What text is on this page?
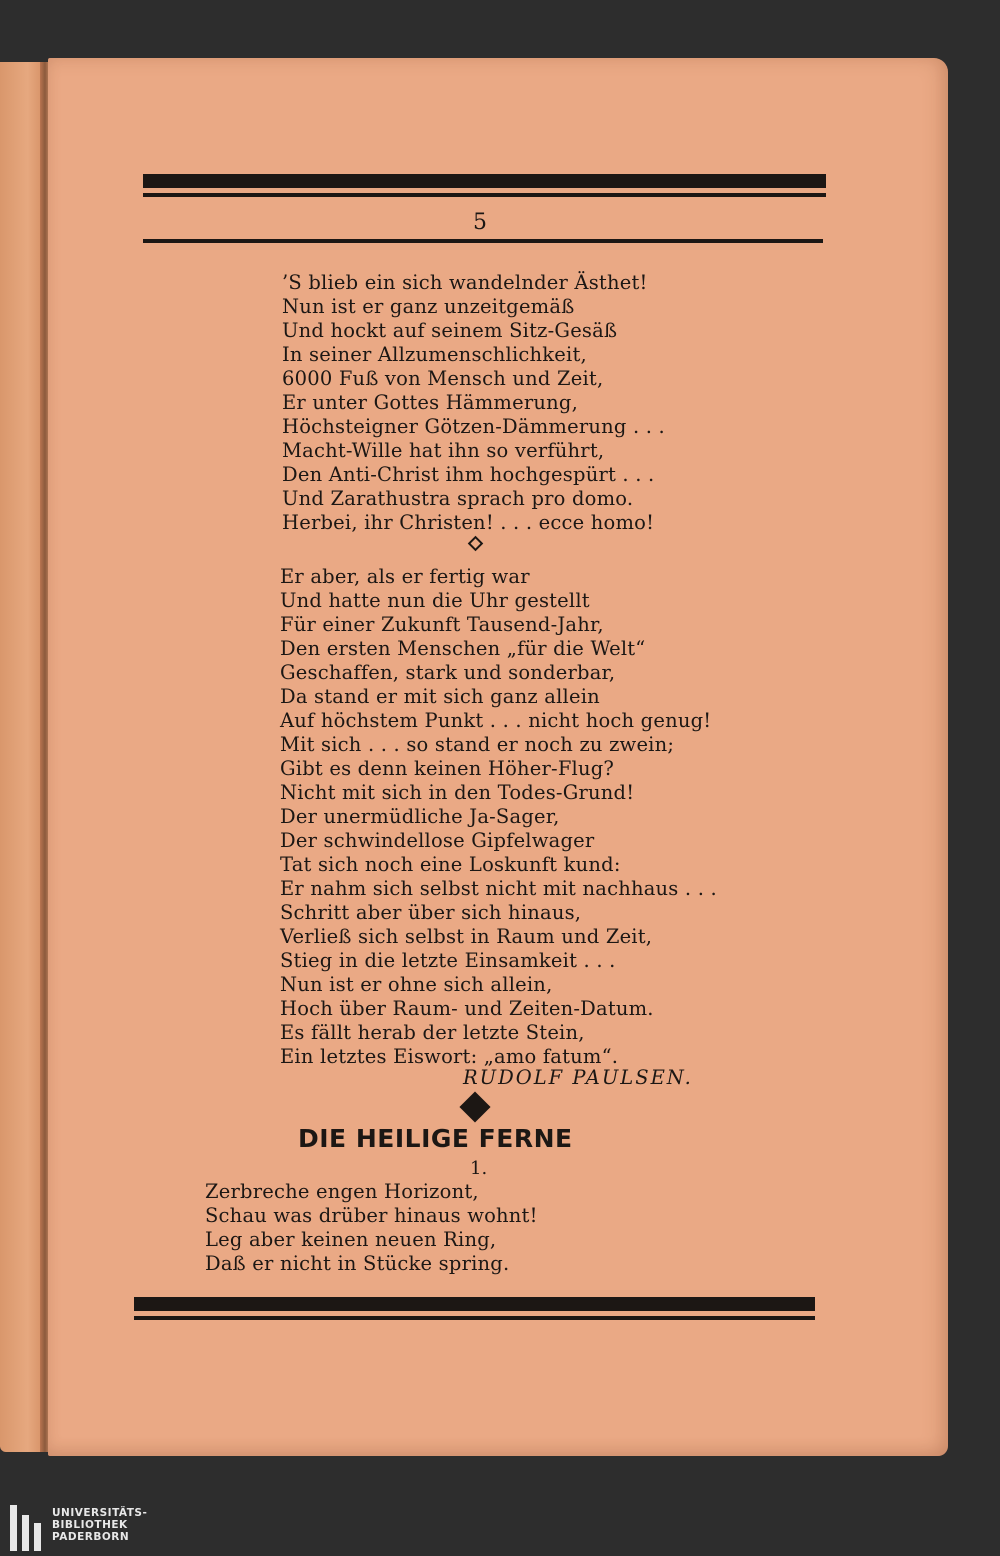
5
’S blieb ein sich wandelnder Ästhet!
Nun ist er ganz unzeitgemäß
Und hockt auf seinem Sitz-Gesäß
In seiner Allzumenschlichkeit,
6000 Fuß von Mensch und Zeit,
Er unter Gottes Hämmerung,
Höchsteigner Götzen-Dämmerung . . .
Macht-Wille hat ihn so verführt,
Den Anti-Christ ihm hochgespürt . . .
Und Zarathustra sprach pro domo.
Herbei, ihr Christen! . . . ecce homo!
Er aber, als er fertig war
Und hatte nun die Uhr gestellt
Für einer Zukunft Tausend-Jahr,
Den ersten Menschen „für die Welt“
Geschaffen, stark und sonderbar,
Da stand er mit sich ganz allein
Auf höchstem Punkt . . . nicht hoch genug!
Mit sich . . . so stand er noch zu zwein;
Gibt es denn keinen Höher-Flug?
Nicht mit sich in den Todes-Grund!
Der unermüdliche Ja-Sager,
Der schwindellose Gipfelwager
Tat sich noch eine Loskunft kund:
Er nahm sich selbst nicht mit nachhaus . . .
Schritt aber über sich hinaus,
Verließ sich selbst in Raum und Zeit,
Stieg in die letzte Einsamkeit . . .
Nun ist er ohne sich allein,
Hoch über Raum- und Zeiten-Datum.
Es fällt herab der letzte Stein,
Ein letztes Eiswort: „amo fatum“.
RUDOLF PAULSEN.
DIE HEILIGE FERNE
1.
Zerbreche engen Horizont,
Schau was drüber hinaus wohnt!
Leg aber keinen neuen Ring,
Daß er nicht in Stücke spring.
UNIVERSITÄTS-
BIBLIOTHEK
PADERBORN
